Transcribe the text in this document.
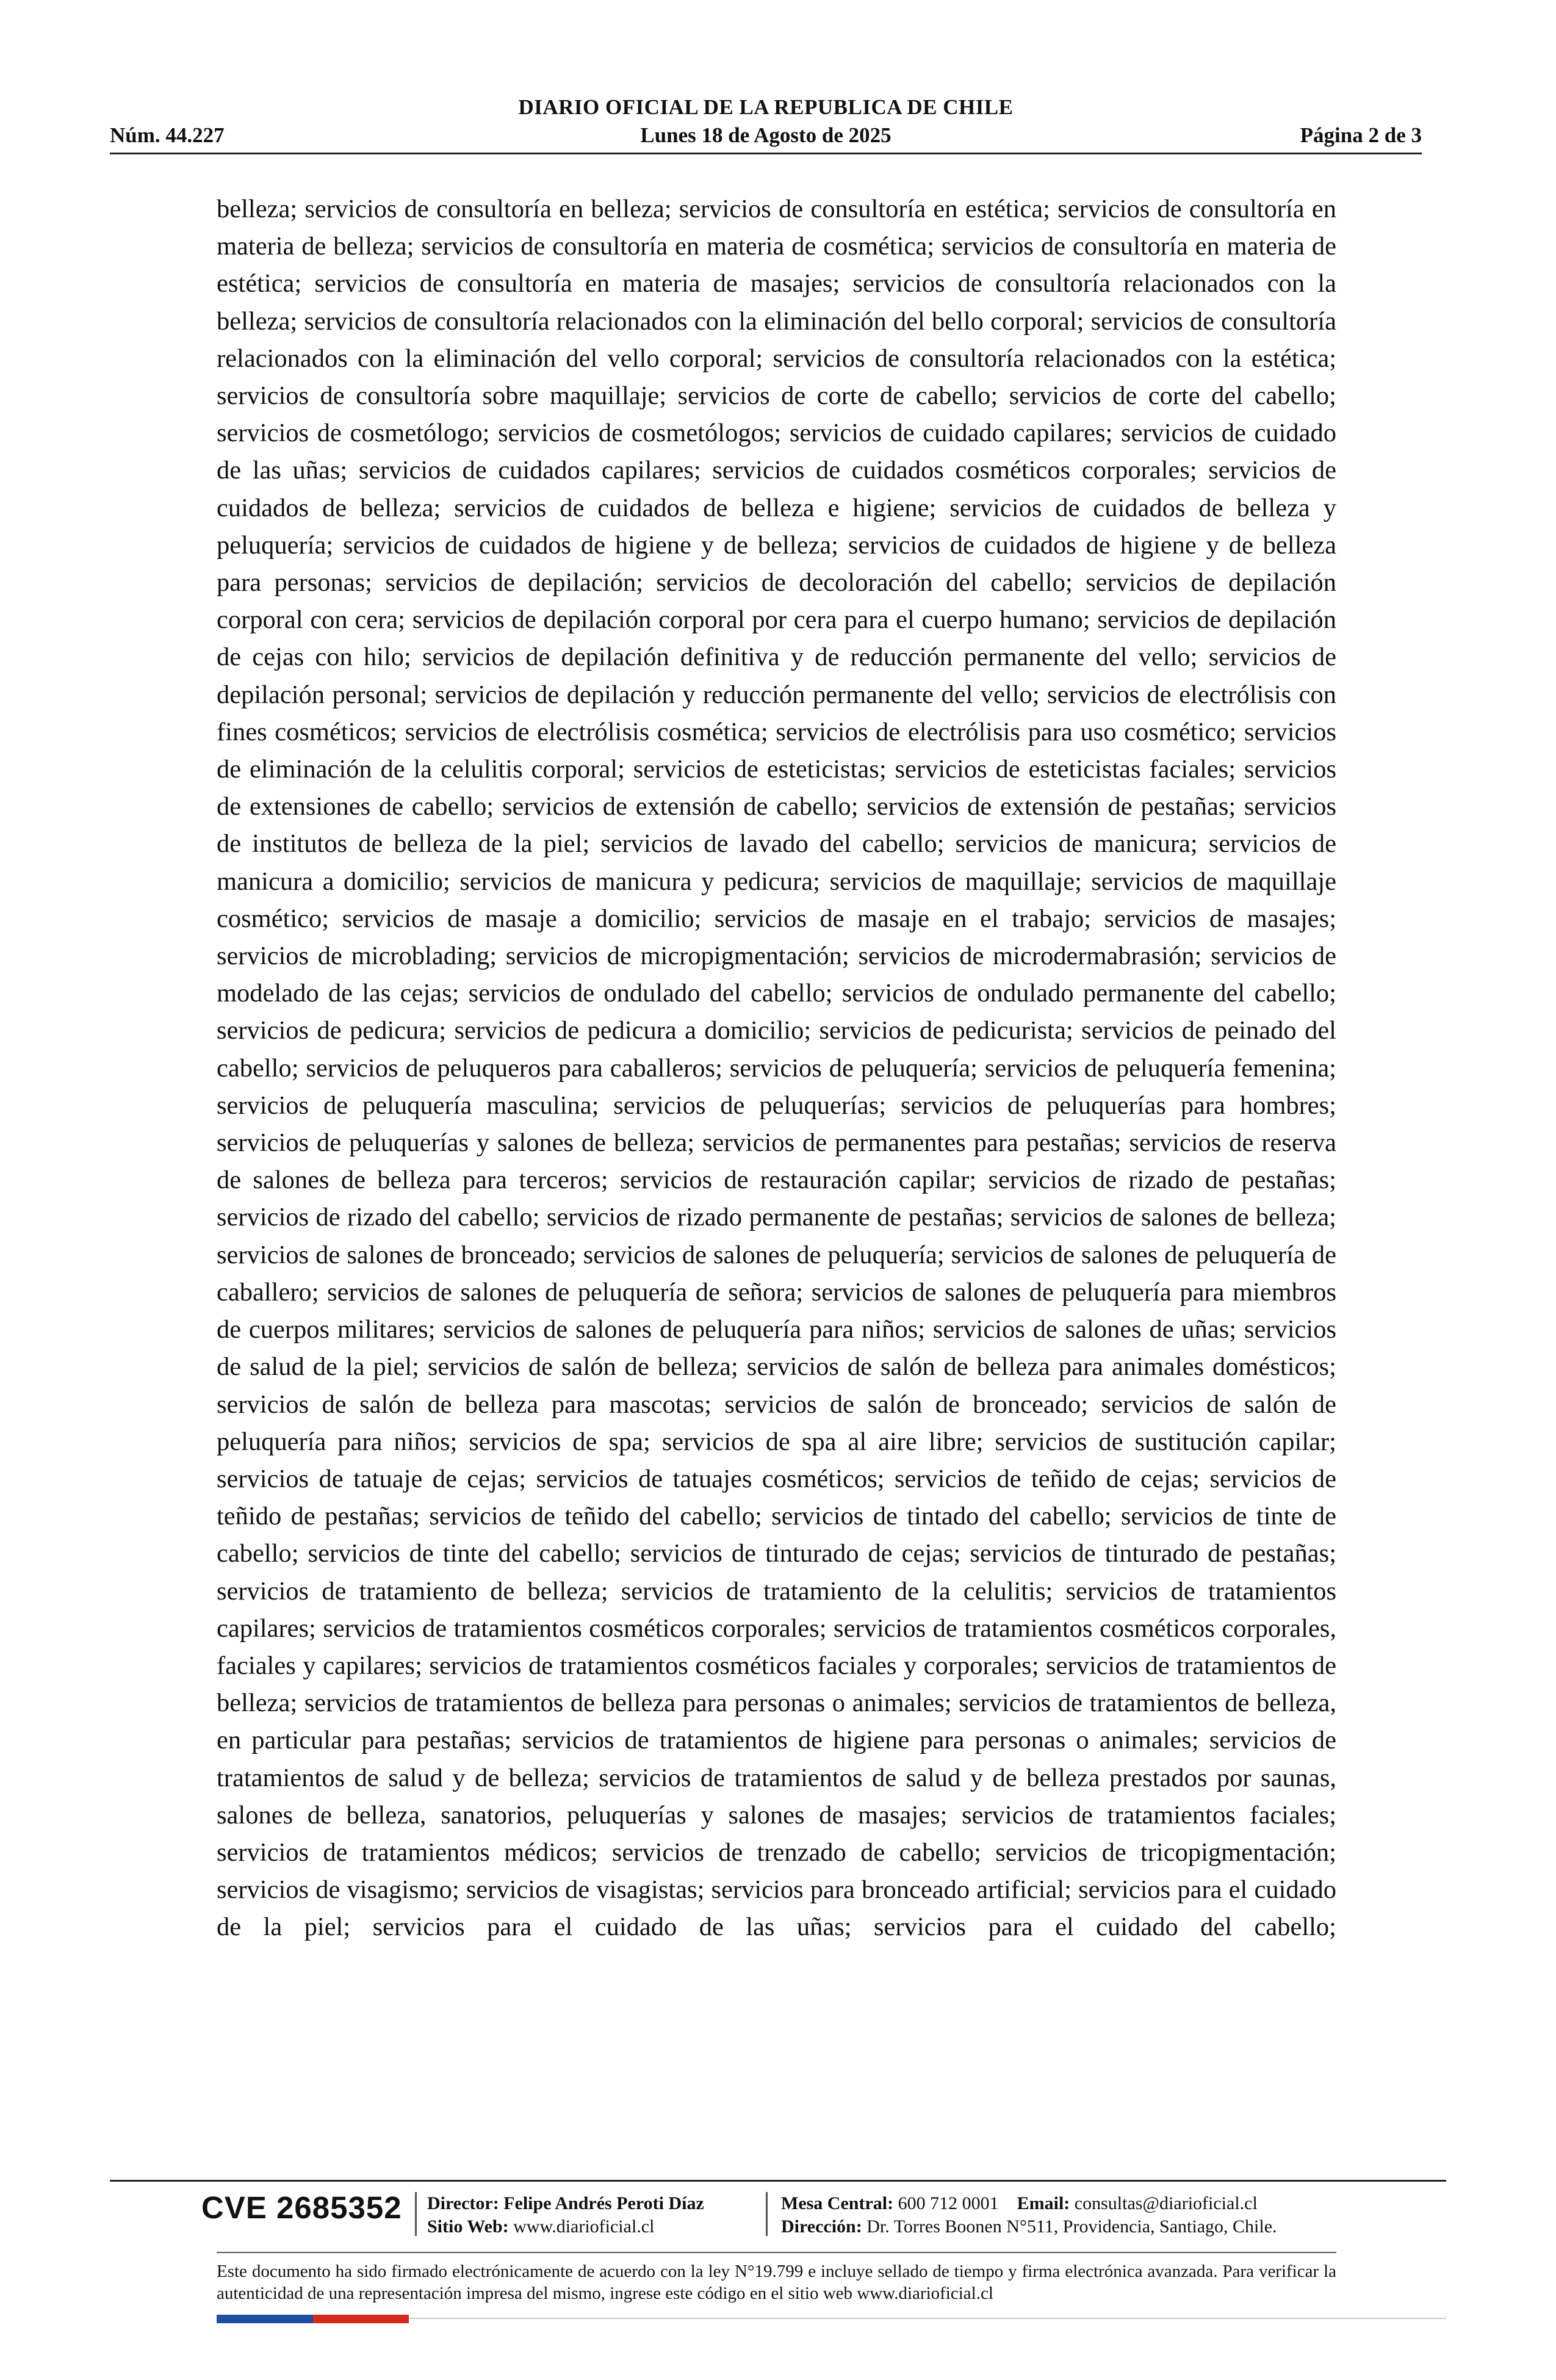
DIARIO OFICIAL DE LA REPUBLICA DE CHILE
Núm. 44.227	Lunes 18 de Agosto de 2025	Página 2 de 3
belleza; servicios de consultoría en belleza; servicios de consultoría en estética; servicios de consultoría en materia de belleza; servicios de consultoría en materia de cosmética; servicios de consultoría en materia de estética; servicios de consultoría en materia de masajes; servicios de consultoría relacionados con la belleza; servicios de consultoría relacionados con la eliminación del bello corporal; servicios de consultoría relacionados con la eliminación del vello corporal; servicios de consultoría relacionados con la estética; servicios de consultoría sobre maquillaje; servicios de corte de cabello; servicios de corte del cabello; servicios de cosmetólogo; servicios de cosmetólogos; servicios de cuidado capilares; servicios de cuidado de las uñas; servicios de cuidados capilares; servicios de cuidados cosméticos corporales; servicios de cuidados de belleza; servicios de cuidados de belleza e higiene; servicios de cuidados de belleza y peluquería; servicios de cuidados de higiene y de belleza; servicios de cuidados de higiene y de belleza para personas; servicios de depilación; servicios de decoloración del cabello; servicios de depilación corporal con cera; servicios de depilación corporal por cera para el cuerpo humano; servicios de depilación de cejas con hilo; servicios de depilación definitiva y de reducción permanente del vello; servicios de depilación personal; servicios de depilación y reducción permanente del vello; servicios de electrólisis con fines cosméticos; servicios de electrólisis cosmética; servicios de electrólisis para uso cosmético; servicios de eliminación de la celulitis corporal; servicios de esteticistas; servicios de esteticistas faciales; servicios de extensiones de cabello; servicios de extensión de cabello; servicios de extensión de pestañas; servicios de institutos de belleza de la piel; servicios de lavado del cabello; servicios de manicura; servicios de manicura a domicilio; servicios de manicura y pedicura; servicios de maquillaje; servicios de maquillaje cosmético; servicios de masaje a domicilio; servicios de masaje en el trabajo; servicios de masajes; servicios de microblading; servicios de micropigmentación; servicios de microdermabrasión; servicios de modelado de las cejas; servicios de ondulado del cabello; servicios de ondulado permanente del cabello; servicios de pedicura; servicios de pedicura a domicilio; servicios de pedicurista; servicios de peinado del cabello; servicios de peluqueros para caballeros; servicios de peluquería; servicios de peluquería femenina; servicios de peluquería masculina; servicios de peluquerías; servicios de peluquerías para hombres; servicios de peluquerías y salones de belleza; servicios de permanentes para pestañas; servicios de reserva de salones de belleza para terceros; servicios de restauración capilar; servicios de rizado de pestañas; servicios de rizado del cabello; servicios de rizado permanente de pestañas; servicios de salones de belleza; servicios de salones de bronceado; servicios de salones de peluquería; servicios de salones de peluquería de caballero; servicios de salones de peluquería de señora; servicios de salones de peluquería para miembros de cuerpos militares; servicios de salones de peluquería para niños; servicios de salones de uñas; servicios de salud de la piel; servicios de salón de belleza; servicios de salón de belleza para animales domésticos; servicios de salón de belleza para mascotas; servicios de salón de bronceado; servicios de salón de peluquería para niños; servicios de spa; servicios de spa al aire libre; servicios de sustitución capilar; servicios de tatuaje de cejas; servicios de tatuajes cosméticos; servicios de teñido de cejas; servicios de teñido de pestañas; servicios de teñido del cabello; servicios de tintado del cabello; servicios de tinte de cabello; servicios de tinte del cabello; servicios de tinturado de cejas; servicios de tinturado de pestañas; servicios de tratamiento de belleza; servicios de tratamiento de la celulitis; servicios de tratamientos capilares; servicios de tratamientos cosméticos corporales; servicios de tratamientos cosméticos corporales, faciales y capilares; servicios de tratamientos cosméticos faciales y corporales; servicios de tratamientos de belleza; servicios de tratamientos de belleza para personas o animales; servicios de tratamientos de belleza, en particular para pestañas; servicios de tratamientos de higiene para personas o animales; servicios de tratamientos de salud y de belleza; servicios de tratamientos de salud y de belleza prestados por saunas, salones de belleza, sanatorios, peluquerías y salones de masajes; servicios de tratamientos faciales; servicios de tratamientos médicos; servicios de trenzado de cabello; servicios de tricopigmentación; servicios de visagismo; servicios de visagistas; servicios para bronceado artificial; servicios para el cuidado de la piel; servicios para el cuidado de las uñas; servicios para el cuidado del cabello;
CVE 2685352 Director: Felipe Andrés Peroti Díaz
Sitio Web: www.diarioficial.cl
Mesa Central: 600 712 0001 Email: consultas@diarioficial.cl
Dirección: Dr. Torres Boonen N°511, Providencia, Santiago, Chile.
Este documento ha sido firmado electrónicamente de acuerdo con la ley N°19.799 e incluye sellado de tiempo y firma electrónica avanzada. Para verificar la autenticidad de una representación impresa del mismo, ingrese este código en el sitio web www.diarioficial.cl
